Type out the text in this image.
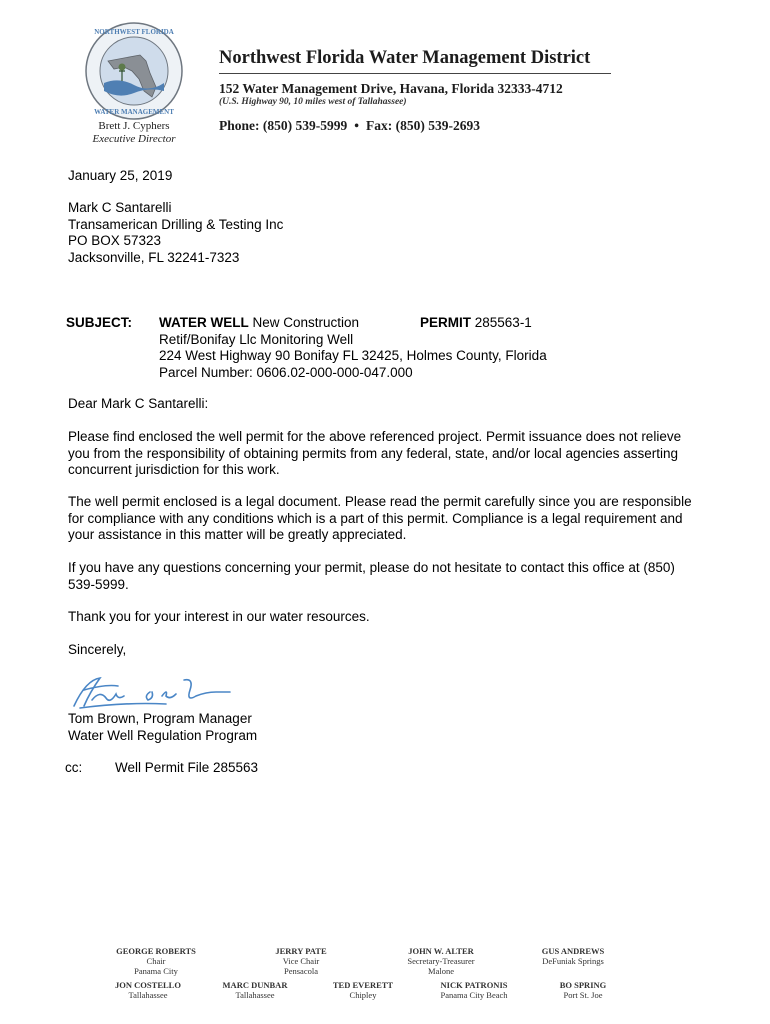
NORTHWEST FLORIDA
WATER MANAGEMENT
Brett J. Cyphers
Executive Director
Northwest Florida Water Management District
152 Water Management Drive, Havana, Florida 32333-4712
(U.S. Highway 90, 10 miles west of Tallahassee)
Phone: (850) 539-5999 • Fax: (850) 539-2693
January 25, 2019
Mark C Santarelli
Transamerican Drilling & Testing Inc
PO BOX 57323
Jacksonville, FL 32241-7323
SUBJECT: WATER WELL New Construction
Retif/Bonifay Llc Monitoring Well
224 West Highway 90 Bonifay FL 32425, Holmes County, Florida
Parcel Number: 0606.02-000-000-047.000
PERMIT 285563-1
Dear Mark C Santarelli:
Please find enclosed the well permit for the above referenced project. Permit issuance does not relieve you from the responsibility of obtaining permits from any federal, state, and/or local agencies asserting concurrent jurisdiction for this work.
The well permit enclosed is a legal document. Please read the permit carefully since you are responsible for compliance with any conditions which is a part of this permit. Compliance is a legal requirement and your assistance in this matter will be greatly appreciated.
If you have any questions concerning your permit, please do not hesitate to contact this office at (850) 539-5999.
Thank you for your interest in our water resources.
Sincerely,
Tom Brown, Program Manager
Water Well Regulation Program
cc: Well Permit File 285563
GEORGE ROBERTS
Chair
Panama City
JERRY PATE
Vice Chair
Pensacola
JOHN W. ALTER
Secretary-Treasurer
Malone
GUS ANDREWS
DeFuniak Springs
JON COSTELLO
Tallahassee
MARC DUNBAR
Tallahassee
TED EVERETT
Chipley
NICK PATRONIS
Panama City Beach
BO SPRING
Port St. Joe
